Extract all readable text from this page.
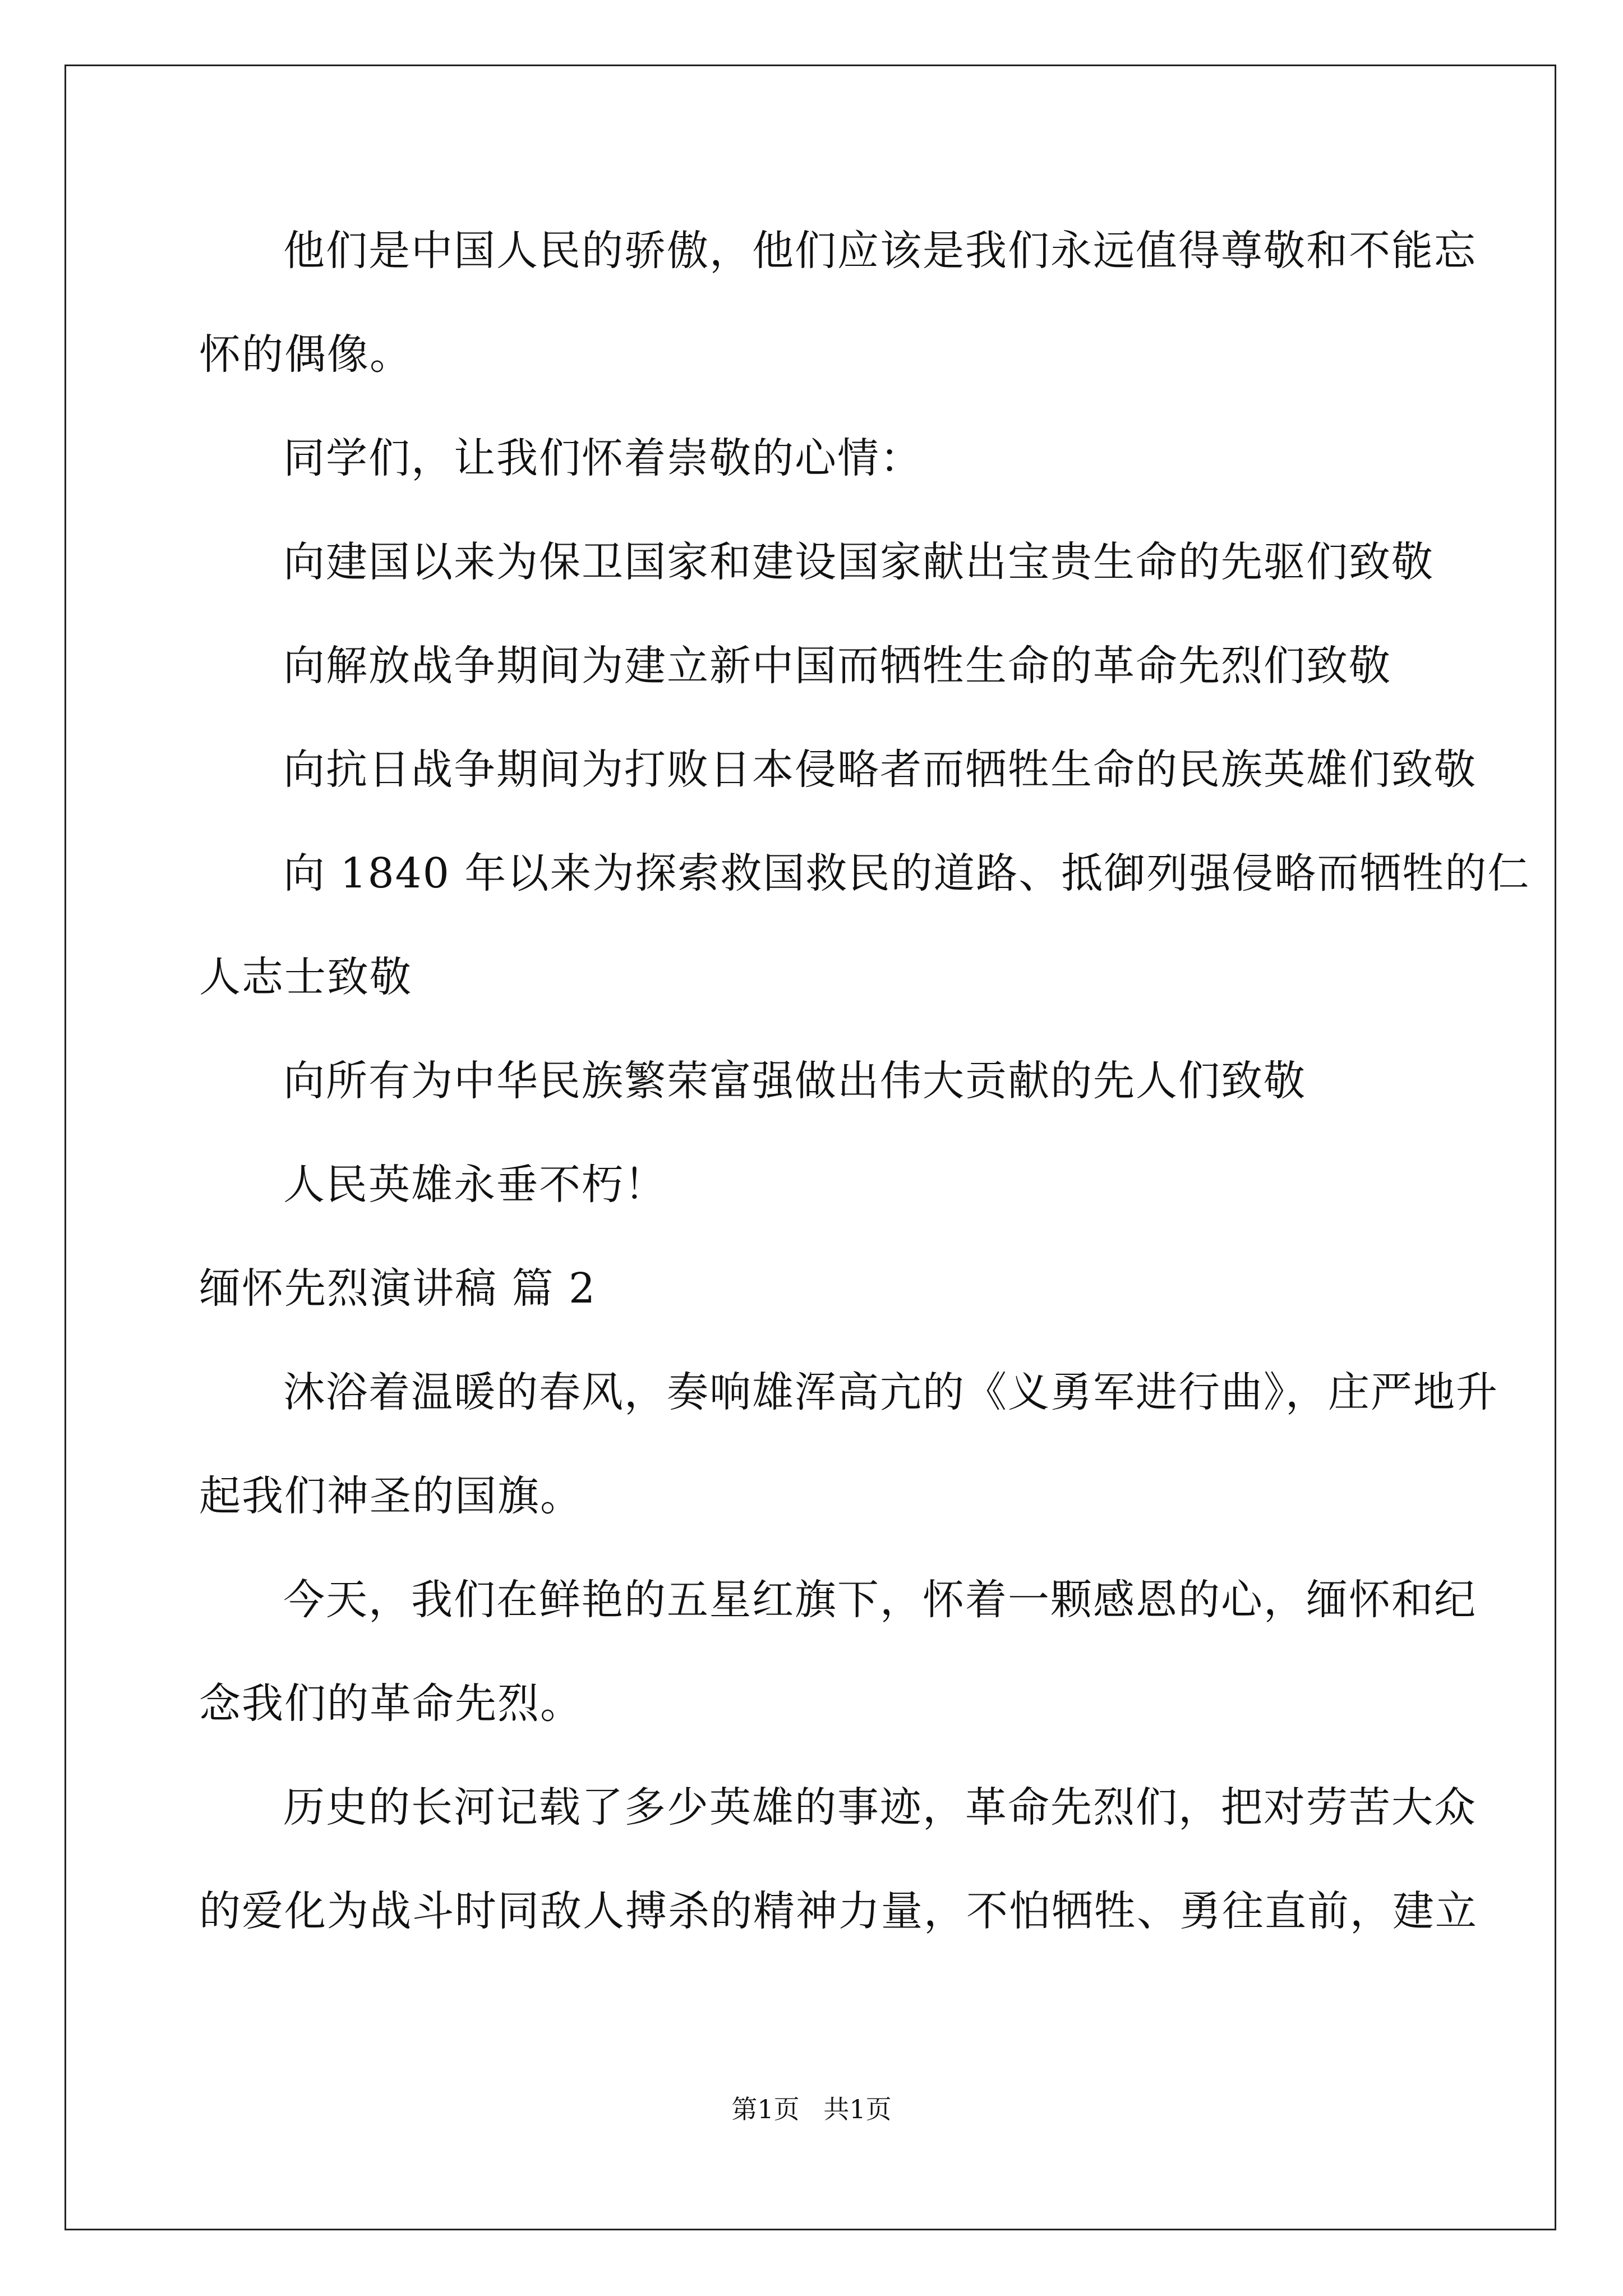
他们是中国人民的骄傲，他们应该是我们永远值得尊敬和不能忘
怀的偶像。
同学们，让我们怀着崇敬的心情：
向建国以来为保卫国家和建设国家献出宝贵生命的先驱们致敬
向解放战争期间为建立新中国而牺牲生命的革命先烈们致敬
向抗日战争期间为打败日本侵略者而牺牲生命的民族英雄们致敬
向 1840 年以来为探索救国救民的道路、抵御列强侵略而牺牲的仁
人志士致敬
向所有为中华民族繁荣富强做出伟大贡献的先人们致敬
人民英雄永垂不朽！
缅怀先烈演讲稿 篇 2
沐浴着温暖的春风，奏响雄浑高亢的《义勇军进行曲》，庄严地升
起我们神圣的国旗。
今天，我们在鲜艳的五星红旗下，怀着一颗感恩的心，缅怀和纪
念我们的革命先烈。
历史的长河记载了多少英雄的事迹，革命先烈们，把对劳苦大众
的爱化为战斗时同敌人搏杀的精神力量，不怕牺牲、勇往直前，建立
第1页 共1页
